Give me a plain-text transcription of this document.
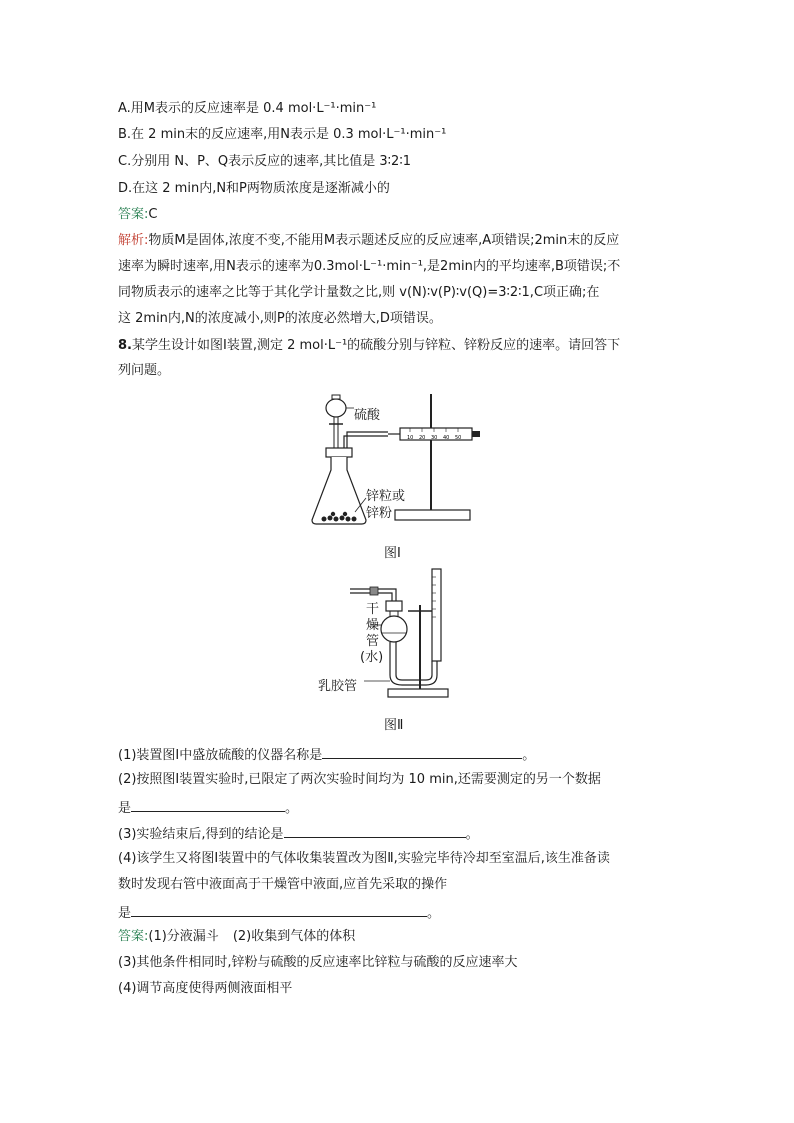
A.用M表示的反应速率是 0.4 mol·L⁻¹·min⁻¹
B.在 2 min末的反应速率,用N表示是 0.3 mol·L⁻¹·min⁻¹
C.分别用 N、P、Q表示反应的速率,其比值是 3∶2∶1
D.在这 2 min内,N和P两物质浓度是逐渐减小的
答案:C
解析:物质M是固体,浓度不变,不能用M表示题述反应的反应速率,A项错误;2min末的反应
速率为瞬时速率,用N表示的速率为0.3mol·L⁻¹·min⁻¹,是2min内的平均速率,B项错误;不
同物质表示的速率之比等于其化学计量数之比,则 v(N)∶v(P)∶v(Q)=3∶2∶1,C项正确;在
这 2min内,N的浓度减小,则P的浓度必然增大,D项错误。
8.某学生设计如图Ⅰ装置,测定 2 mol·L⁻¹的硫酸分别与锌粒、锌粉反应的速率。请回答下
列问题。
10 20 30 40 50
硫酸
锌粒或
锌粉
图Ⅰ
干
燥
管
(水)
乳胶管
图Ⅱ
(1)装置图Ⅰ中盛放硫酸的仪器名称是	。
(2)按照图Ⅰ装置实验时,已限定了两次实验时间均为 10 min,还需要测定的另一个数据
是	。
(3)实验结束后,得到的结论是	。
(4)该学生又将图Ⅰ装置中的气体收集装置改为图Ⅱ,实验完毕待冷却至室温后,该生准备读
数时发现右管中液面高于干燥管中液面,应首先采取的操作
是	。
答案:(1)分液漏斗 (2)收集到气体的体积
(3)其他条件相同时,锌粉与硫酸的反应速率比锌粒与硫酸的反应速率大
(4)调节高度使得两侧液面相平
